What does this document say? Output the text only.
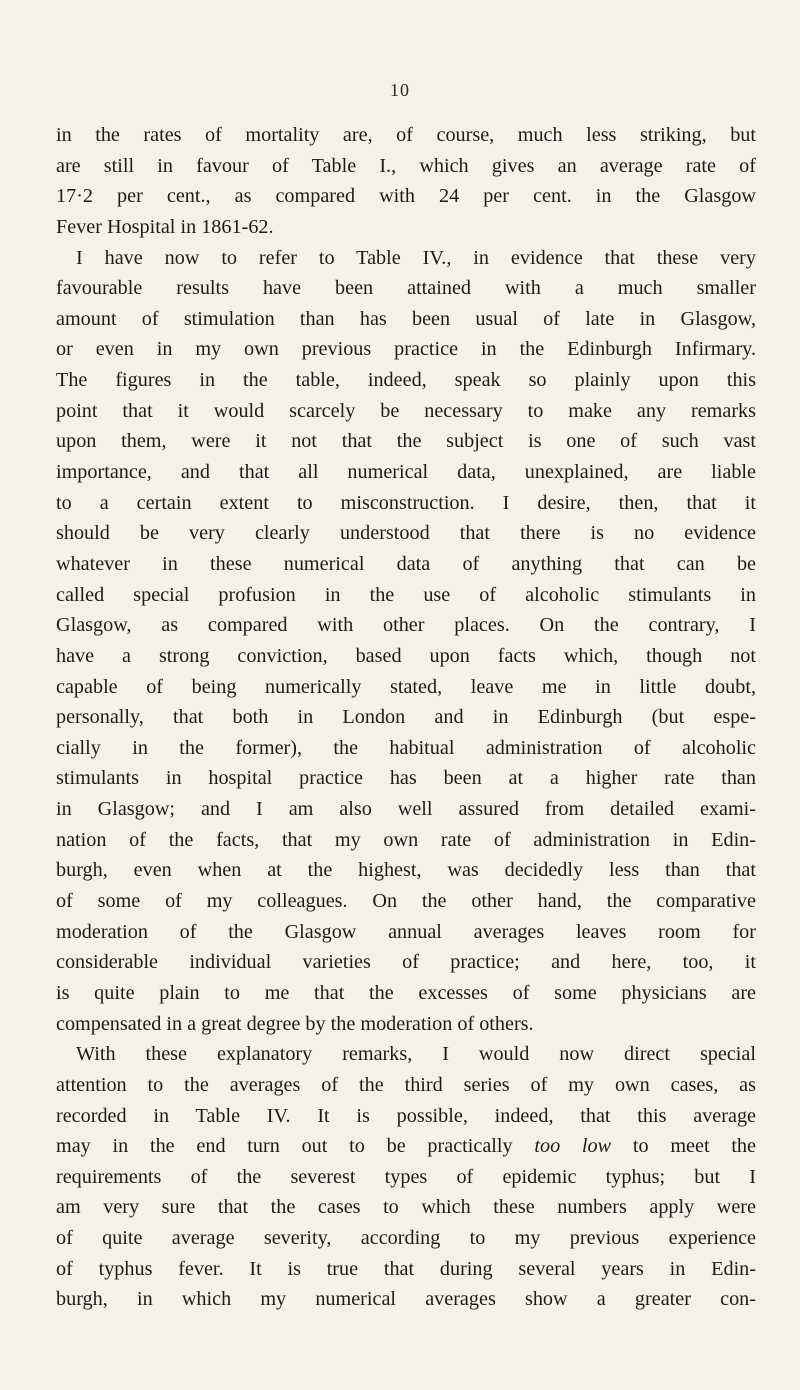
10
in the rates of mortality are, of course, much less striking, but
are still in favour of Table I., which gives an average rate of
17·2 per cent., as compared with 24 per cent. in the Glasgow
Fever Hospital in 1861-62.
I have now to refer to Table IV., in evidence that these very
favourable results have been attained with a much smaller
amount of stimulation than has been usual of late in Glasgow,
or even in my own previous practice in the Edinburgh Infirmary.
The figures in the table, indeed, speak so plainly upon this
point that it would scarcely be necessary to make any remarks
upon them, were it not that the subject is one of such vast
importance, and that all numerical data, unexplained, are liable
to a certain extent to misconstruction. I desire, then, that it
should be very clearly understood that there is no evidence
whatever in these numerical data of anything that can be
called special profusion in the use of alcoholic stimulants in
Glasgow, as compared with other places. On the contrary, I
have a strong conviction, based upon facts which, though not
capable of being numerically stated, leave me in little doubt,
personally, that both in London and in Edinburgh (but espe-
cially in the former), the habitual administration of alcoholic
stimulants in hospital practice has been at a higher rate than
in Glasgow; and I am also well assured from detailed exami-
nation of the facts, that my own rate of administration in Edin-
burgh, even when at the highest, was decidedly less than that
of some of my colleagues. On the other hand, the comparative
moderation of the Glasgow annual averages leaves room for
considerable individual varieties of practice; and here, too, it
is quite plain to me that the excesses of some physicians are
compensated in a great degree by the moderation of others.
With these explanatory remarks, I would now direct special
attention to the averages of the third series of my own cases, as
recorded in Table IV. It is possible, indeed, that this average
may in the end turn out to be practically too low to meet the
requirements of the severest types of epidemic typhus; but I
am very sure that the cases to which these numbers apply were
of quite average severity, according to my previous experience
of typhus fever. It is true that during several years in Edin-
burgh, in which my numerical averages show a greater con-
